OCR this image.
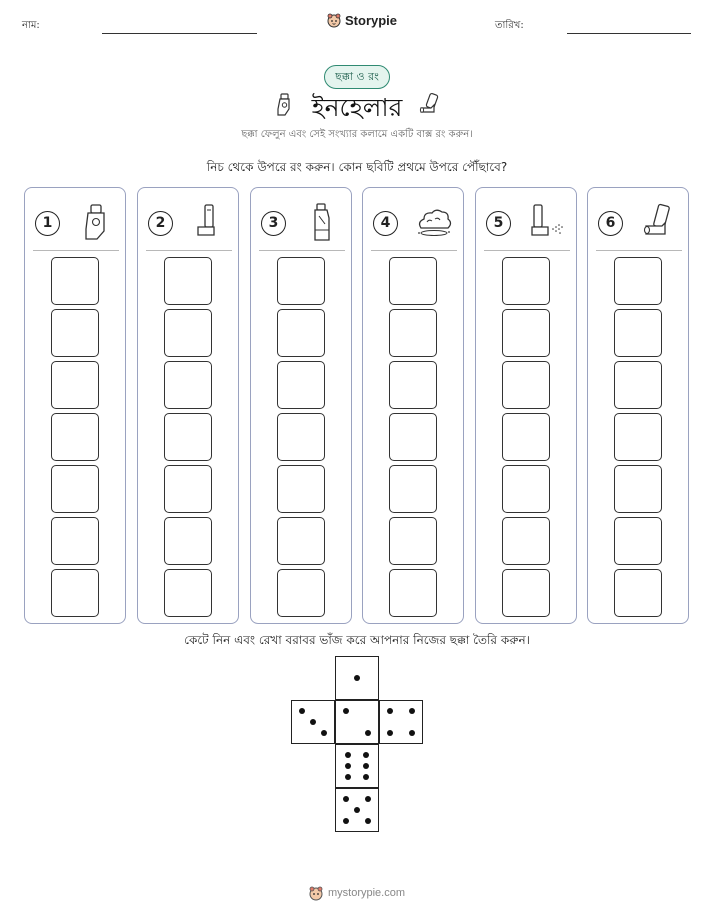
নাম:	Storypie	তারিখ:
ছক্কা ও রং
ইনহেলার
ছক্কা ফেলুন এবং সেই সংখ্যার কলামে একটি বাক্স রং করুন।
নিচ থেকে উপরে রং করুন। কোন ছবিটি প্রথমে উপরে পৌঁছাবে?
1	2	3	4	5	6
কেটে নিন এবং রেখা বরাবর ভাঁজ করে আপনার নিজের ছক্কা তৈরি করুন।
mystorypie.com
